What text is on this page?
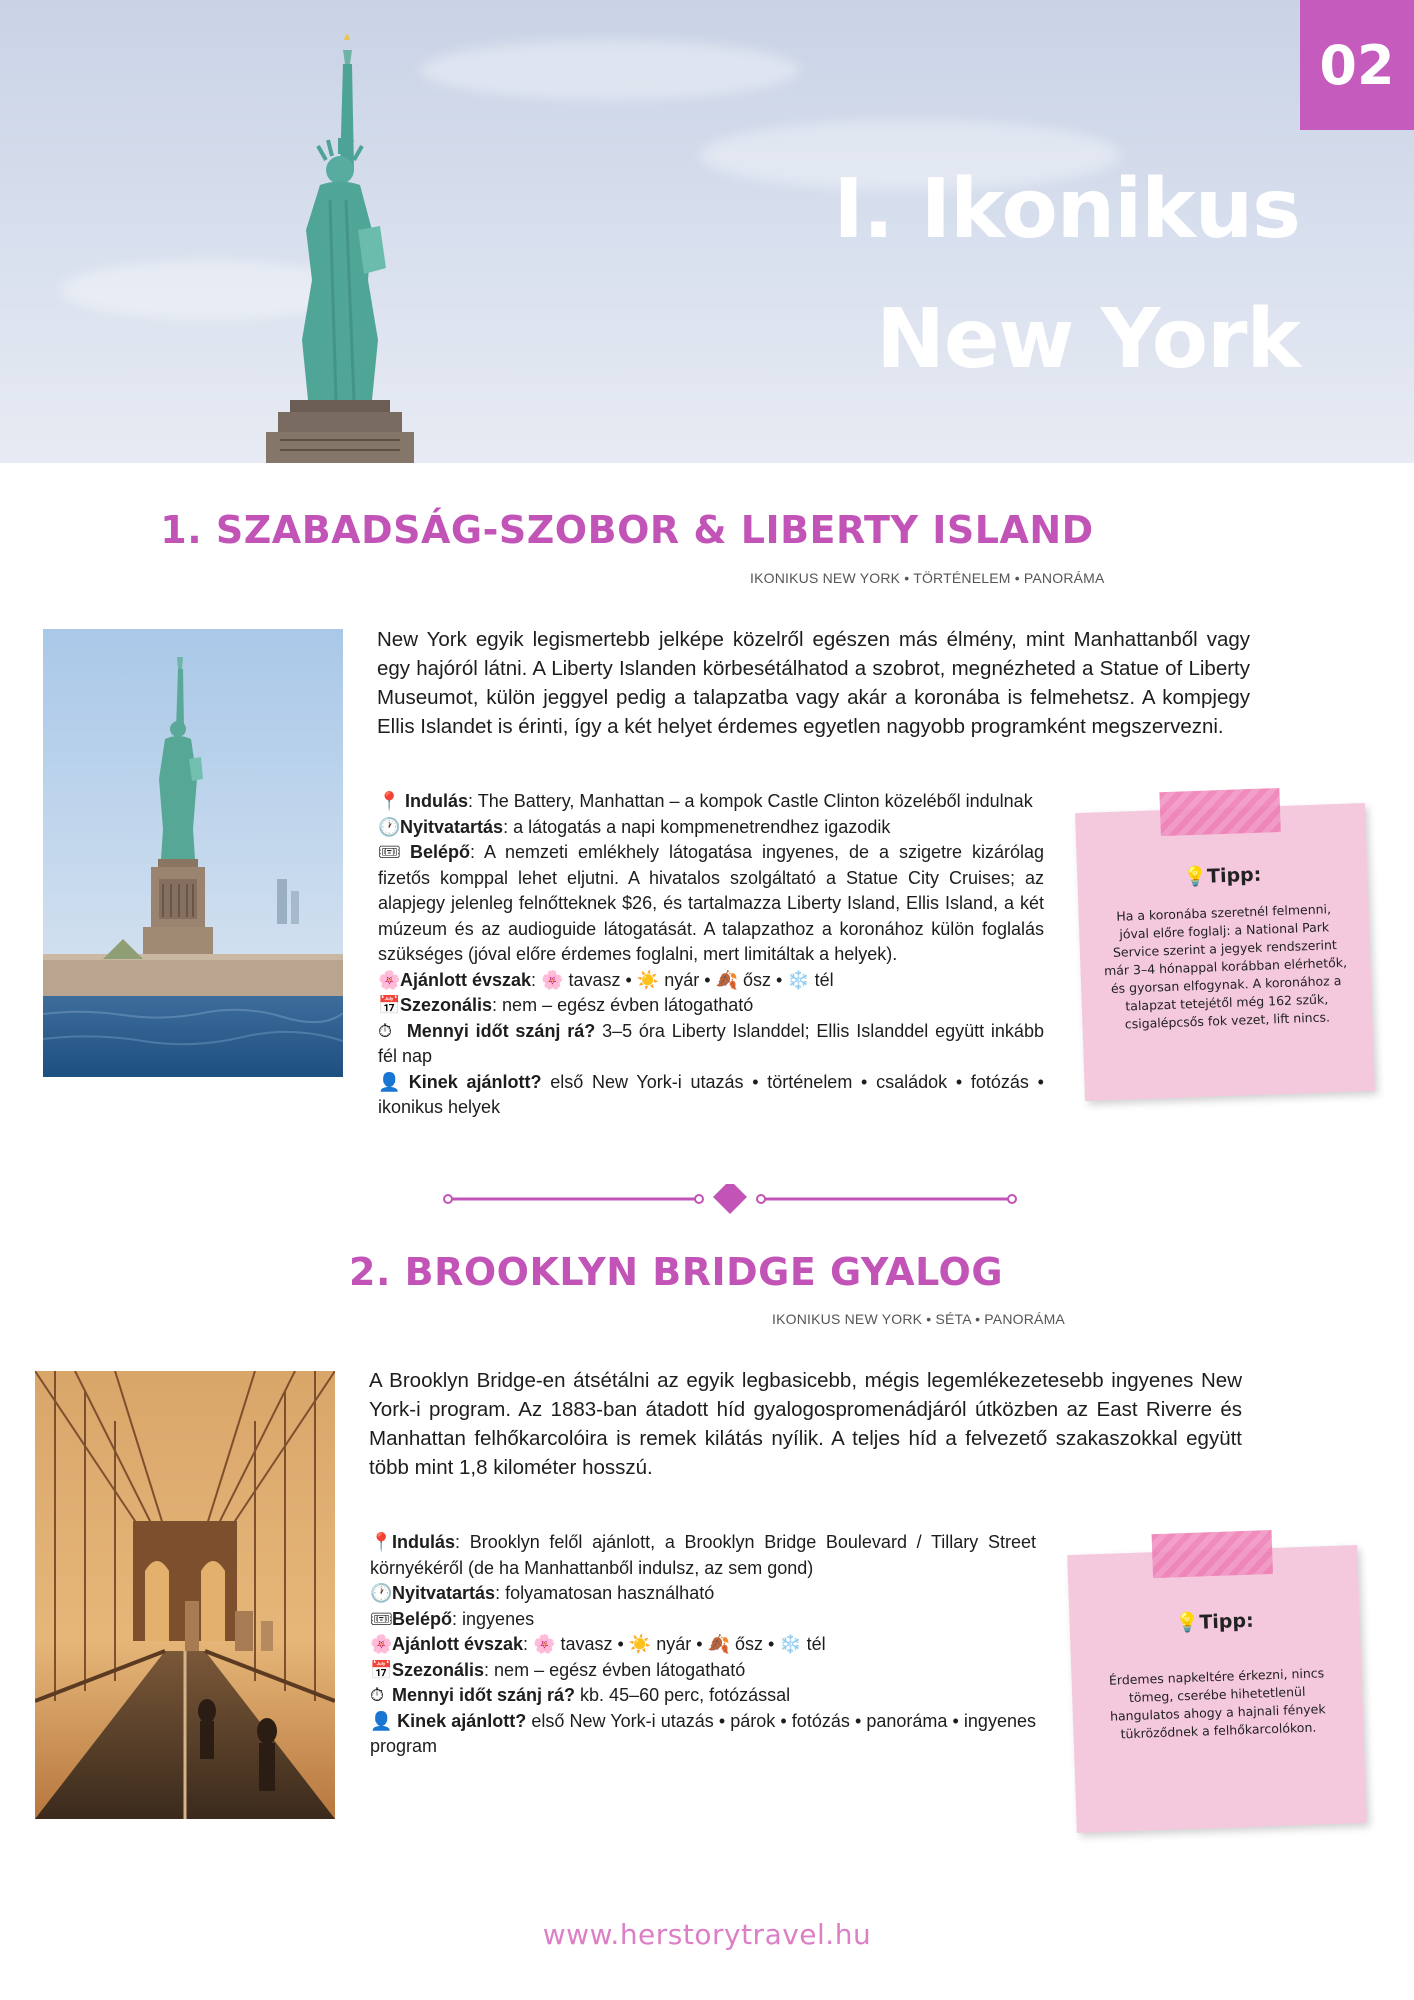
02
I. Ikonikus
New York
1. SZABADSÁG-SZOBOR & LIBERTY ISLAND
IKONIKUS NEW YORK • TÖRTÉNELEM • PANORÁMA
New York egyik legismertebb jelképe közelről egészen más élmény, mint Manhattanből vagy egy hajóról látni. A Liberty Islanden körbesétálhatod a szobrot, megnézheted a Statue of Liberty Museumot, külön jeggyel pedig a talapzatba vagy akár a koronába is felmehetsz. A kompjegy Ellis Islandet is érinti, így a két helyet érdemes egyetlen nagyobb programként megszervezni.
📍 Indulás: The Battery, Manhattan – a kompok Castle Clinton közeléből indulnak
🕐Nyitvatartás: a látogatás a napi kompmenetrendhez igazodik
🎟 Belépő: A nemzeti emlékhely látogatása ingyenes, de a szigetre kizárólag fizetős komppal lehet eljutni. A hivatalos szolgáltató a Statue City Cruises; az alapjegy jelenleg felnőtteknek $26, és tartalmazza Liberty Island, Ellis Island, a két múzeum és az audioguide látogatását. A talapzathoz a koronához külön foglalás szükséges (jóval előre érdemes foglalni, mert limitáltak a helyek).
🌸Ajánlott évszak: 🌸 tavasz • ☀️ nyár • 🍂 ősz • ❄️ tél
📅Szezonális: nem – egész évben látogatható
⏱ Mennyi időt szánj rá? 3–5 óra Liberty Islanddel; Ellis Islanddel együtt inkább fél nap
👤 Kinek ajánlott? első New York-i utazás • történelem • családok • fotózás • ikonikus helyek
💡Tipp:
Ha a koronába szeretnél felmenni, jóval előre foglalj: a National Park Service szerint a jegyek rendszerint már 3–4 hónappal korábban elérhetők, és gyorsan elfogynak. A koronához a talapzat tetejétől még 162 szűk, csigalépcsős fok vezet, lift nincs.
2. BROOKLYN BRIDGE GYALOG
IKONIKUS NEW YORK • SÉTA • PANORÁMA
A Brooklyn Bridge-en átsétálni az egyik legbasicebb, mégis legemlékezetesebb ingyenes New York-i program. Az 1883-ban átadott híd gyalogospromenádjáról útközben az East Riverre és Manhattan felhőkarcolóira is remek kilátás nyílik. A teljes híd a felvezető szakaszokkal együtt több mint 1,8 kilométer hosszú.
📍Indulás: Brooklyn felől ajánlott, a Brooklyn Bridge Boulevard / Tillary Street környékéről (de ha Manhattanből indulsz, az sem gond)
🕐Nyitvatartás: folyamatosan használható
🎟Belépő: ingyenes
🌸Ajánlott évszak: 🌸 tavasz • ☀️ nyár • 🍂 ősz • ❄️ tél
📅Szezonális: nem – egész évben látogatható
⏱ Mennyi időt szánj rá? kb. 45–60 perc, fotózással
👤 Kinek ajánlott? első New York-i utazás • párok • fotózás • panoráma • ingyenes program
💡Tipp:
Érdemes napkeltére érkezni, nincs tömeg, cserébe hihetetlenül hangulatos ahogy a hajnali fények tükröződnek a felhőkarcolókon.
www.herstorytravel.hu
